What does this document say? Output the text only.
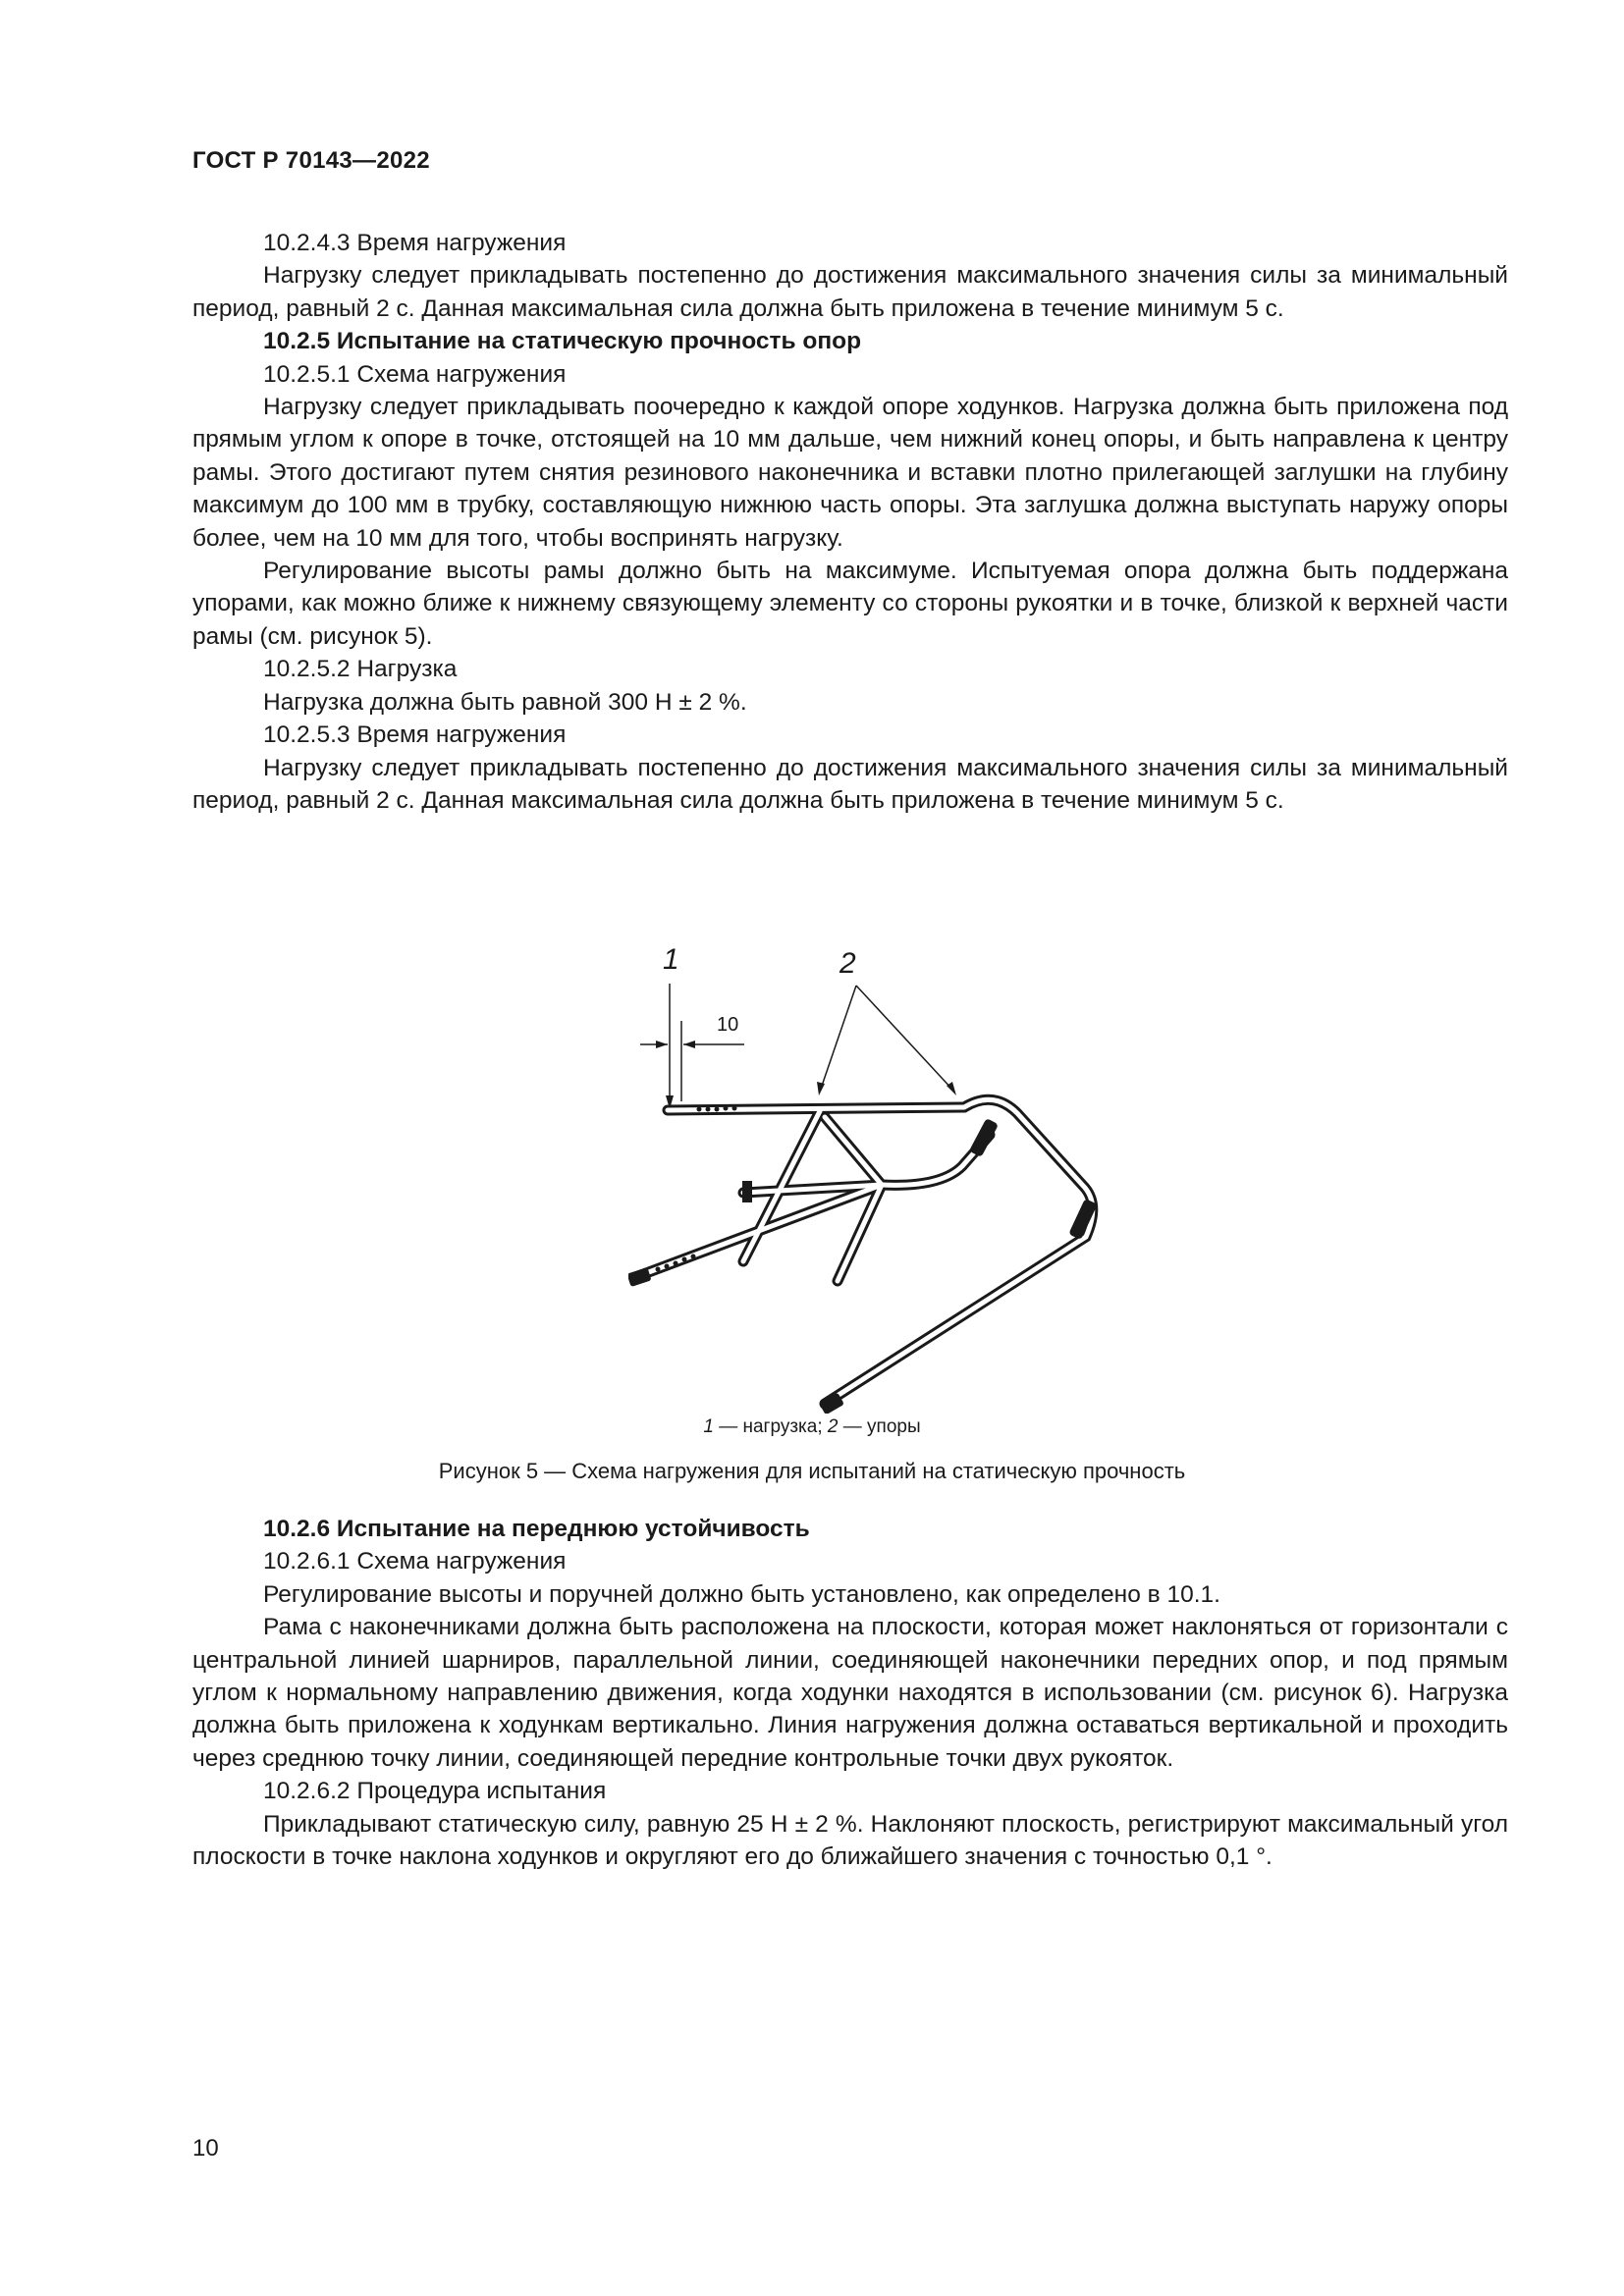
ГОСТ Р 70143—2022

10.2.4.3 Время нагружения

Нагрузку следует прикладывать постепенно до достижения максимального значения силы за минимальный период, равный 2 с. Данная максимальная сила должна быть приложена в течение минимум 5 с.

10.2.5 Испытание на статическую прочность опор

10.2.5.1 Схема нагружения

Нагрузку следует прикладывать поочередно к каждой опоре ходунков. Нагрузка должна быть приложена под прямым углом к опоре в точке, отстоящей на 10 мм дальше, чем нижний конец опоры, и быть направлена к центру рамы. Этого достигают путем снятия резинового наконечника и вставки плотно прилегающей заглушки на глубину максимум до 100 мм в трубку, составляющую нижнюю часть опоры. Эта заглушка должна выступать наружу опоры более, чем на 10 мм для того, чтобы воспринять нагрузку.

Регулирование высоты рамы должно быть на максимуме. Испытуемая опора должна быть поддержана упорами, как можно ближе к нижнему связующему элементу со стороны рукоятки и в точке, близкой к верхней части рамы (см. рисунок 5).

10.2.5.2 Нагрузка

Нагрузка должна быть равной 300 Н ± 2 %.

10.2.5.3 Время нагружения

Нагрузку следует прикладывать постепенно до достижения максимального значения силы за минимальный период, равный 2 с. Данная максимальная сила должна быть приложена в течение минимум 5 с.

1	2
10
1 — нагрузка; 2 — упоры
Рисунок 5 — Схема нагружения для испытаний на статическую прочность

10.2.6 Испытание на переднюю устойчивость

10.2.6.1 Схема нагружения

Регулирование высоты и поручней должно быть установлено, как определено в 10.1.

Рама с наконечниками должна быть расположена на плоскости, которая может наклоняться от горизонтали с центральной линией шарниров, параллельной линии, соединяющей наконечники передних опор, и под прямым углом к нормальному направлению движения, когда ходунки находятся в использовании (см. рисунок 6). Нагрузка должна быть приложена к ходункам вертикально. Линия нагружения должна оставаться вертикальной и проходить через среднюю точку линии, соединяющей передние контрольные точки двух рукояток.

10.2.6.2 Процедура испытания

Прикладывают статическую силу, равную 25 Н ± 2 %. Наклоняют плоскость, регистрируют максимальный угол плоскости в точке наклона ходунков и округляют его до ближайшего значения с точностью 0,1 °.

10
